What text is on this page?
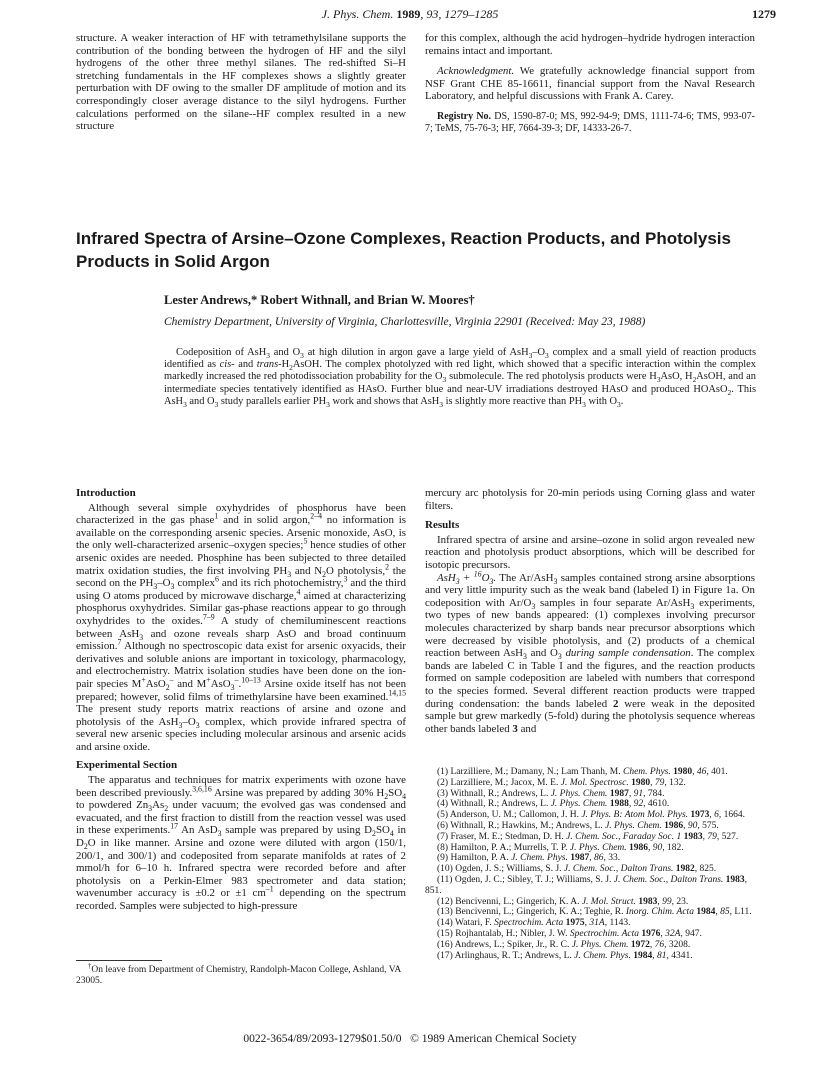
J. Phys. Chem. 1989, 93, 1279–1285	1279

structure. A weaker interaction of HF with tetramethylsilane supports the contribution of the bonding between the hydrogen of HF and the silyl hydrogens of the other three methyl silanes. The red-shifted Si–H stretching fundamentals in the HF complexes shows a slightly greater perturbation with DF owing to the smaller DF amplitude of motion and its correspondingly closer average distance to the silyl hydrogens. Further calculations performed on the silane--HF complex resulted in a new structure

for this complex, although the acid hydrogen–hydride hydrogen interaction remains intact and important.

Acknowledgment. We gratefully acknowledge financial support from NSF Grant CHE 85-16611, financial support from the Naval Research Laboratory, and helpful discussions with Frank A. Carey.

Registry No. DS, 1590-87-0; MS, 992-94-9; DMS, 1111-74-6; TMS, 993-07-7; TeMS, 75-76-3; HF, 7664-39-3; DF, 14333-26-7.

Infrared Spectra of Arsine–Ozone Complexes, Reaction Products, and Photolysis Products in Solid Argon
Lester Andrews,* Robert Withnall, and Brian W. Moores†
Chemistry Department, University of Virginia, Charlottesville, Virginia 22901 (Received: May 23, 1988)

Codeposition of AsH$_3$ and $O_3$ at high dilution in argon gave a large yield of $AsH_3-O_3$ complex and a small yield of reaction products identified as cis- and trans-$H_2AsOH$. The complex photolyzed with red light, which showed that a specific interaction within the complex markedly increased the red photodissociation probability for the $O_3$ submolecule. The red photolysis products were $H_3AsO$, $H_2AsOH$, and an intermediate species tentatively identified as HAsO. Further blue and near-UV irradiations destroyed HAsO and produced HOAsO$_2$. This AsH$_3$ and $O_3$ study parallels earlier $PH_3$ work and shows that AsH$_3$ is slightly more reactive than $PH_3$ with $O_3$.

Introduction

Although several simple oxyhydrides of phosphorus have been characterized in the gas phase$^1$ and in solid argon,$^{2-4}$ no information is available on the corresponding arsenic species. Arsenic monoxide, AsO, is the only well-characterized arsenic–oxygen species;$^5$ hence studies of other arsenic oxides are needed. Phosphine has been subjected to three detailed matrix oxidation studies, the first involving $PH_3$ and $N_2O$ photolysis,$^2$ the second on the $PH_3-O_3$ complex$^6$ and its rich photochemistry,$^3$ and the third using O atoms produced by microwave discharge,$^4$ aimed at characterizing phosphorus oxyhydrides. Similar gas-phase reactions appear to go through oxyhydrides to the oxides.$^{7-9}$ A study of chemiluminescent reactions between AsH$_3$ and ozone reveals sharp AsO and broad continuum emission.$^7$ Although no spectroscopic data exist for arsenic oxyacids, their derivatives and soluble anions are important in toxicology, pharmacology, and electrochemistry. Matrix isolation studies have been done on the ion-pair species M+AsO$_2$– and M+AsO$_3$–.$^{10-13}$ Arsine oxide itself has not been prepared; however, solid films of trimethylarsine have been examined.$^{14,15}$ The present study reports matrix reactions of arsine and ozone and photolysis of the $AsH_3-O_3$ complex, which provide infrared spectra of several new arsenic species including molecular arsinous and arsenic acids and arsine oxide.

Experimental Section

The apparatus and techniques for matrix experiments with ozone have been described previously.$^{3,6,16}$ Arsine was prepared by adding 30% $H_2SO_4$ to powdered $Zn_3As_2$ under vacuum; the evolved gas was condensed and evacuated, and the first fraction to distill from the reaction vessel was used in these experiments.$^{17}$ An AsD$_3$ sample was prepared by using $D_2SO_4$ in $D_2O$ in like manner. Arsine and ozone were diluted with argon (150/1, 200/1, and 300/1) and codeposited from separate manifolds at rates of 2 mmol/h for 6–10 h. Infrared spectra were recorded before and after photolysis on a Perkin-Elmer 983 spectrometer and data station; wavenumber accuracy is ±0.2 or ±1 $cm^{-1}$ depending on the spectrum recorded. Samples were subjected to high-pressure

†On leave from Department of Chemistry, Randolph-Macon College, Ashland, VA 23005.

mercury arc photolysis for 20-min periods using Corning glass and water filters.

Results

Infrared spectra of arsine and arsine–ozone in solid argon revealed new reaction and photolysis product absorptions, which will be described for isotopic precursors.

$AsH_3 + ^{16}O_3$. The Ar/AsH$_3$ samples contained strong arsine absorptions and very little impurity such as the weak band (labeled I) in Figure 1a. On codeposition with $Ar/O_3$ samples in four separate Ar/AsH$_3$ experiments, two types of new bands appeared: (1) complexes involving precursor molecules characterized by sharp bands near precursor absorptions which were decreased by visible photolysis, and (2) products of a chemical reaction between AsH$_3$ and $O_3$ during sample condensation. The complex bands are labeled C in Table I and the figures, and the reaction products formed on sample codeposition are labeled with numbers that correspond to the species formed. Several different reaction products were trapped during condensation: the bands labeled 2 were weak in the deposited sample but grew markedly (5-fold) during the photolysis sequence whereas other bands labeled 3 and

(1) Larzilliere, M.; Damany, N.; Lam Thanh, M. Chem. Phys. 1980, 46, 401.

(2) Larzilliere, M.; Jacox, M. E. J. Mol. Spectrosc. 1980, 79, 132.

(3) Withnall, R.; Andrews, L. J. Phys. Chem. 1987, 91, 784.

(4) Withnall, R.; Andrews, L. J. Phys. Chem. 1988, 92, 4610.

(5) Anderson, U. M.; Callomon, J. H. J. Phys. B: Atom Mol. Phys. 1973, 6, 1664.

(6) Withnall, R.; Hawkins, M.; Andrews, L. J. Phys. Chem. 1986, 90, 575.

(7) Fraser, M. E.; Stedman, D. H. J. Chem. Soc., Faraday Soc. 1 1983, 79, 527.

(8) Hamilton, P. A.; Murrells, T. P. J. Phys. Chem. 1986, 90, 182.

(9) Hamilton, P. A. J. Chem. Phys. 1987, 86, 33.

(10) Ogden, J. S.; Williams, S. J. J. Chem. Soc., Dalton Trans. 1982, 825.

(11) Ogden, J. C.; Sibley, T. J.; Williams, S. J. J. Chem. Soc., Dalton Trans. 1983, 851.

(12) Bencivenni, L.; Gingerich, K. A. J. Mol. Struct. 1983, 99, 23.

(13) Bencivenni, L.; Gingerich, K. A.; Teghie, R. Inorg. Chim. Acta 1984, 85, L11.

(14) Watari, F. Spectrochim. Acta 1975, 31A, 1143.

(15) Rojhantalab, H.; Nibler, J. W. Spectrochim. Acta 1976, 32A, 947.

(16) Andrews, L.; Spiker, Jr., R. C. J. Phys. Chem. 1972, 76, 3208.

(17) Arlinghaus, R. T.; Andrews, L. J. Chem. Phys. 1984, 81, 4341.

0022-3654/89/2093-1279$01.50/0 © 1989 American Chemical Society
